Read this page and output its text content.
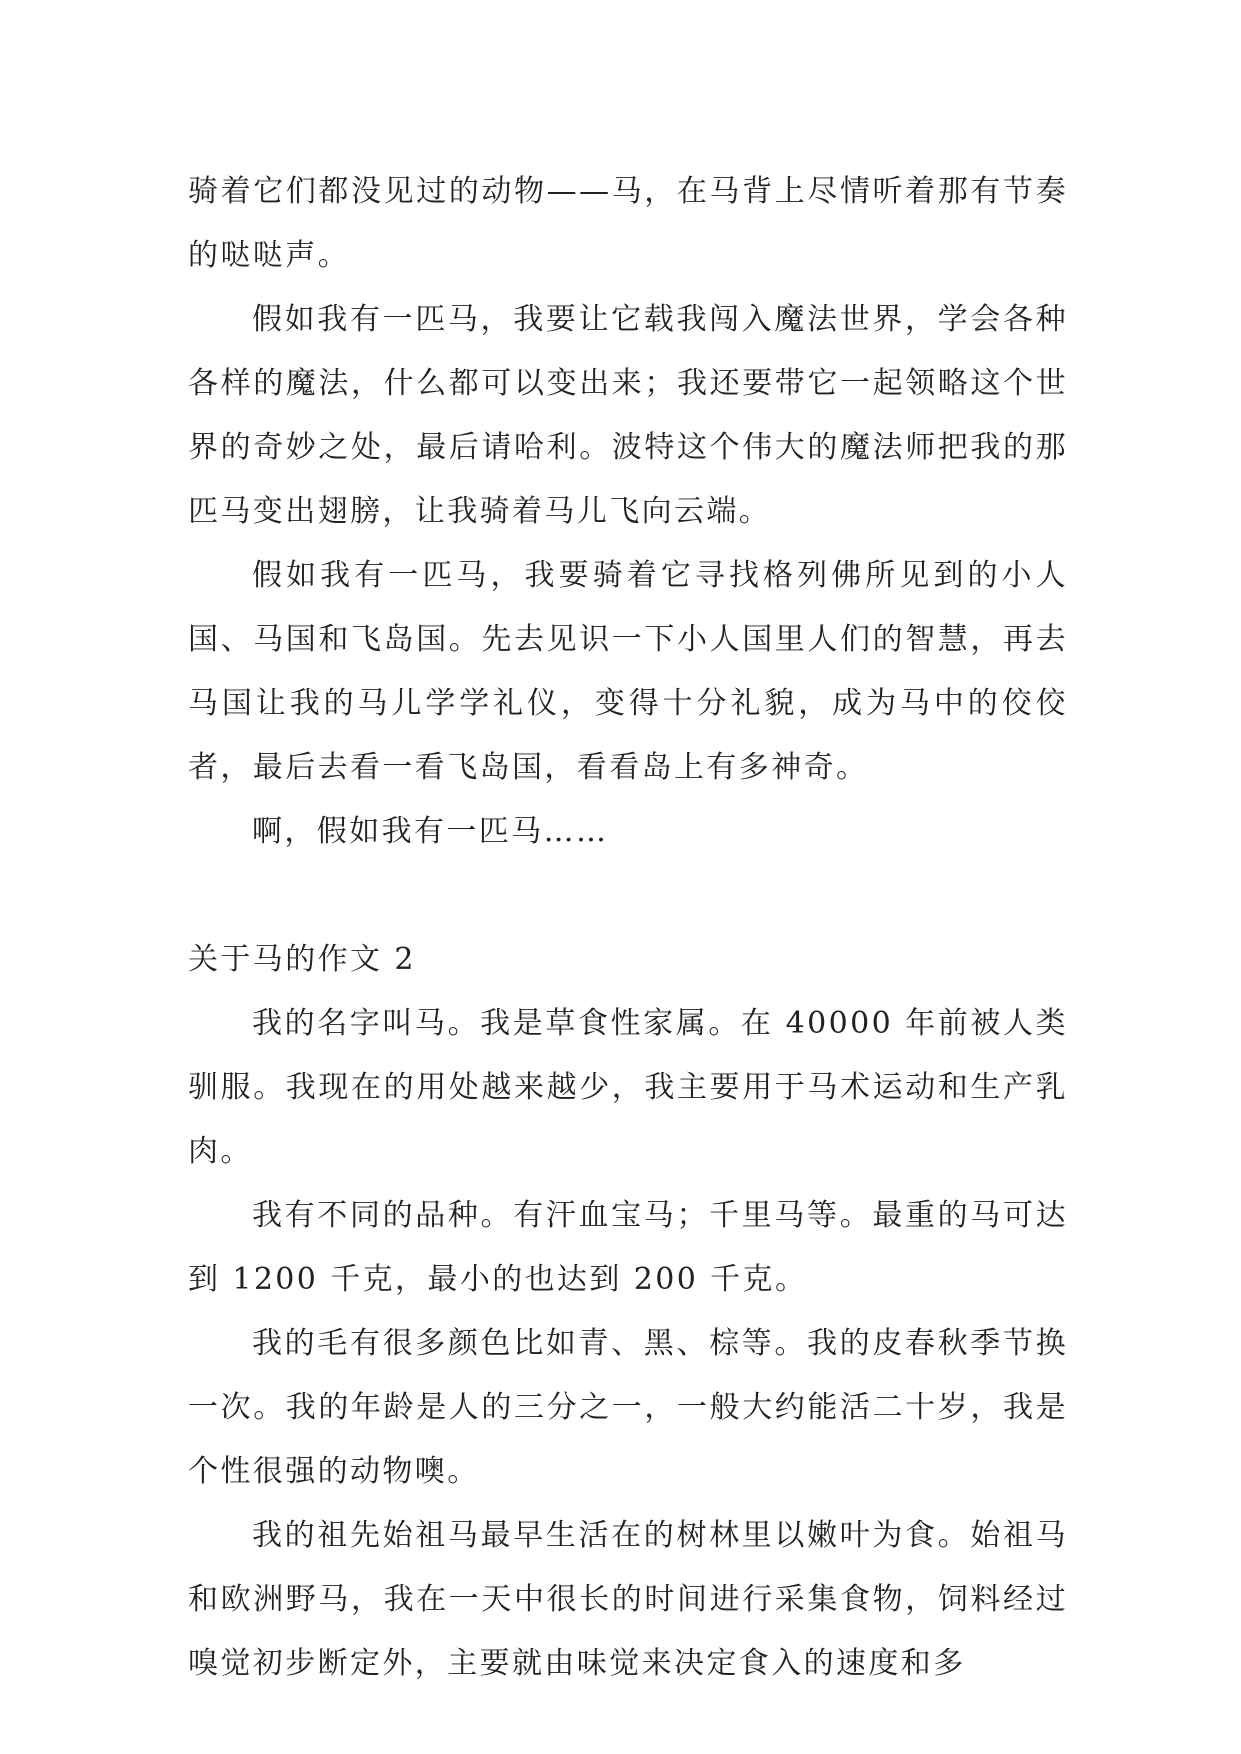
骑着它们都没见过的动物——马，在马背上尽情听着那有节奏的哒哒声。

假如我有一匹马，我要让它载我闯入魔法世界，学会各种各样的魔法，什么都可以变出来；我还要带它一起领略这个世界的奇妙之处，最后请哈利。波特这个伟大的魔法师把我的那匹马变出翅膀，让我骑着马儿飞向云端。

假如我有一匹马，我要骑着它寻找格列佛所见到的小人国、马国和飞岛国。先去见识一下小人国里人们的智慧，再去马国让我的马儿学学礼仪，变得十分礼貌，成为马中的佼佼者，最后去看一看飞岛国，看看岛上有多神奇。

啊，假如我有一匹马……

关于马的作文 2

我的名字叫马。我是草食性家属。在 40000 年前被人类驯服。我现在的用处越来越少，我主要用于马术运动和生产乳肉。

我有不同的品种。有汗血宝马；千里马等。最重的马可达到 1200 千克，最小的也达到 200 千克。

我的毛有很多颜色比如青、黑、棕等。我的皮春秋季节换一次。我的年龄是人的三分之一，一般大约能活二十岁，我是个性很强的动物噢。

我的祖先始祖马最早生活在的树林里以嫩叶为食。始祖马和欧洲野马，我在一天中很长的时间进行采集食物，饲料经过嗅觉初步断定外，主要就由味觉来决定食入的速度和多
